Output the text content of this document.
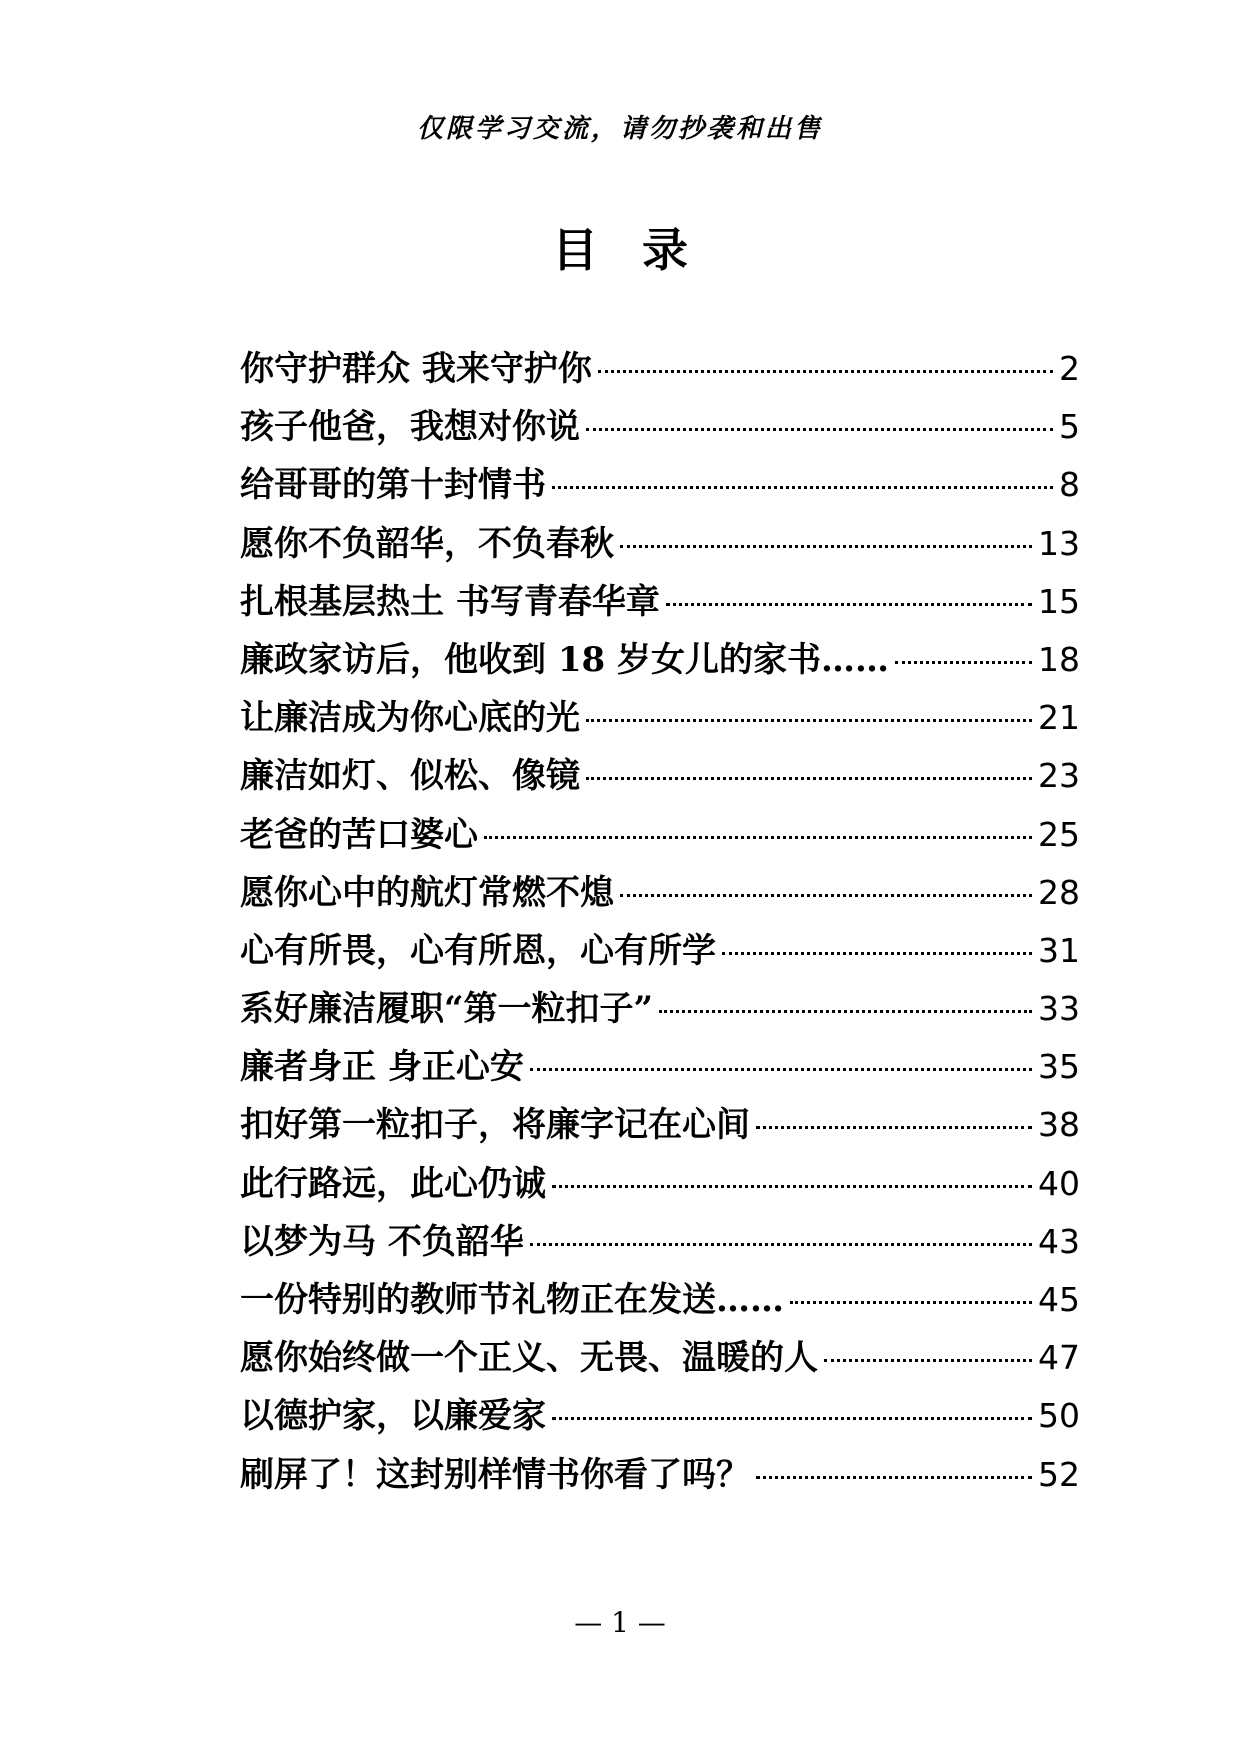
仅限学习交流，请勿抄袭和出售
目录
你守护群众 我来守护你	2
孩子他爸，我想对你说	5
给哥哥的第十封情书	8
愿你不负韶华，不负春秋	13
扎根基层热土 书写青春华章	15
廉政家访后，他收到 18 岁女儿的家书……	18
让廉洁成为你心底的光	21
廉洁如灯、似松、像镜	23
老爸的苦口婆心	25
愿你心中的航灯常燃不熄	28
心有所畏，心有所恩，心有所学	31
系好廉洁履职“第一粒扣子”	33
廉者身正 身正心安	35
扣好第一粒扣子，将廉字记在心间	38
此行路远，此心仍诚	40
以梦为马 不负韶华	43
一份特别的教师节礼物正在发送……	45
愿你始终做一个正义、无畏、温暖的人	47
以德护家，以廉爱家	50
刷屏了！这封别样情书你看了吗？	52
— 1 —
